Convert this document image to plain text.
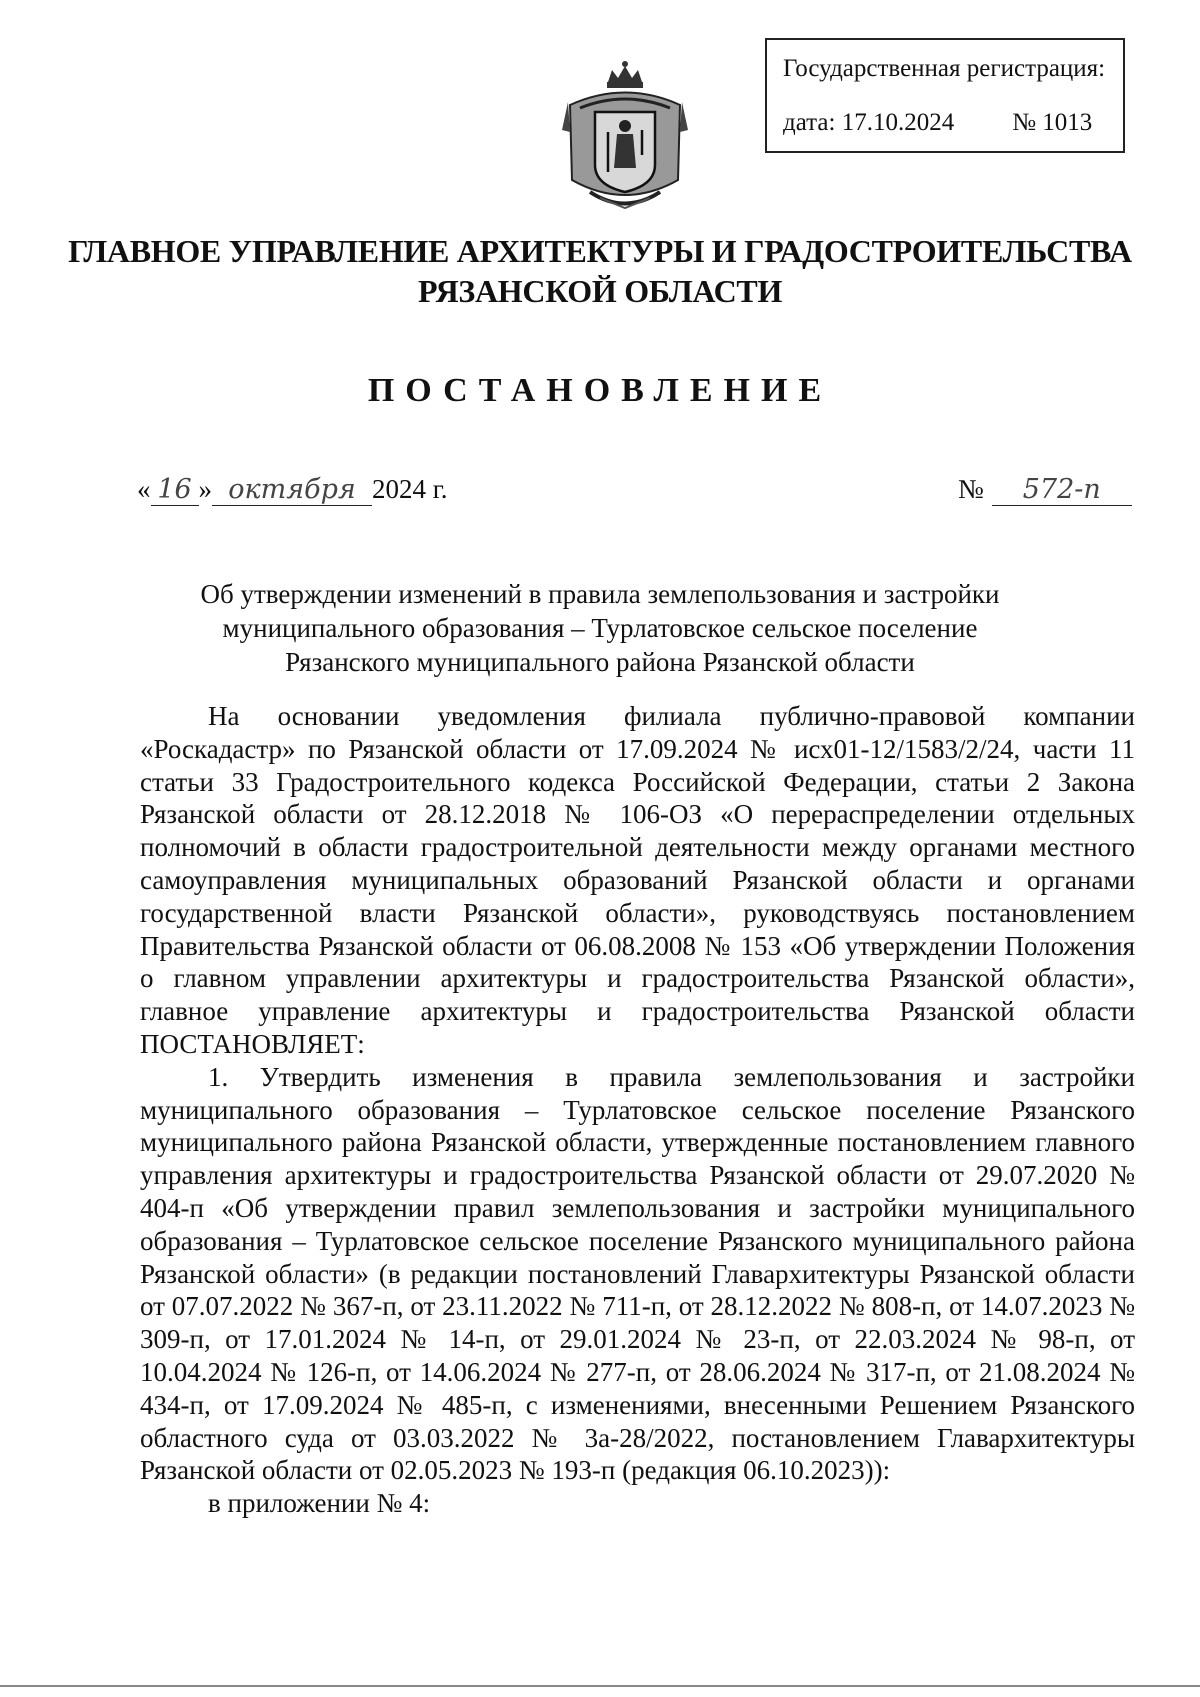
Государственная регистрация:
дата: 17.10.2024 № 1013
ГЛАВНОЕ УПРАВЛЕНИЕ АРХИТЕКТУРЫ И ГРАДОСТРОИТЕЛЬСТВА
РЯЗАНСКОЙ ОБЛАСТИ
ПОСТАНОВЛЕНИЕ
« 16 » октября 2024 г.	№ 572-п
Об утверждении изменений в правила землепользования и застройки
муниципального образования – Турлатовское сельское поселение
Рязанского муниципального района Рязанской области

На основании уведомления филиала публично-правовой компании «Роскадастр» по Рязанской области от 17.09.2024 № исх01-12/1583/2/24, части 11 статьи 33 Градостроительного кодекса Российской Федерации, статьи 2 Закона Рязанской области от 28.12.2018 № 106-ОЗ «О перераспределении отдельных полномочий в области градостроительной деятельности между органами местного самоуправления муниципальных образований Рязанской области и органами государственной власти Рязанской области», руководствуясь постановлением Правительства Рязанской области от 06.08.2008 № 153 «Об утверждении Положения о главном управлении архитектуры и градостроительства Рязанской области», главное управление архитектуры и градостроительства Рязанской области ПОСТАНОВЛЯЕТ:

1. Утвердить изменения в правила землепользования и застройки муниципального образования – Турлатовское сельское поселение Рязанского муниципального района Рязанской области, утвержденные постановлением главного управления архитектуры и градостроительства Рязанской области от 29.07.2020 № 404-п «Об утверждении правил землепользования и застройки муниципального образования – Турлатовское сельское поселение Рязанского муниципального района Рязанской области» (в редакции постановлений Главархитектуры Рязанской области от 07.07.2022 № 367-п, от 23.11.2022 № 711-п, от 28.12.2022 № 808-п, от 14.07.2023 № 309-п, от 17.01.2024 № 14-п, от 29.01.2024 № 23-п, от 22.03.2024 № 98-п, от 10.04.2024 № 126-п, от 14.06.2024 № 277-п, от 28.06.2024 № 317-п, от 21.08.2024 № 434-п, от 17.09.2024 № 485-п, с изменениями, внесенными Решением Рязанского областного суда от 03.03.2022 № 3а-28/2022, постановлением Главархитектуры Рязанской области от 02.05.2023 № 193-п (редакция 06.10.2023)):

в приложении № 4:
